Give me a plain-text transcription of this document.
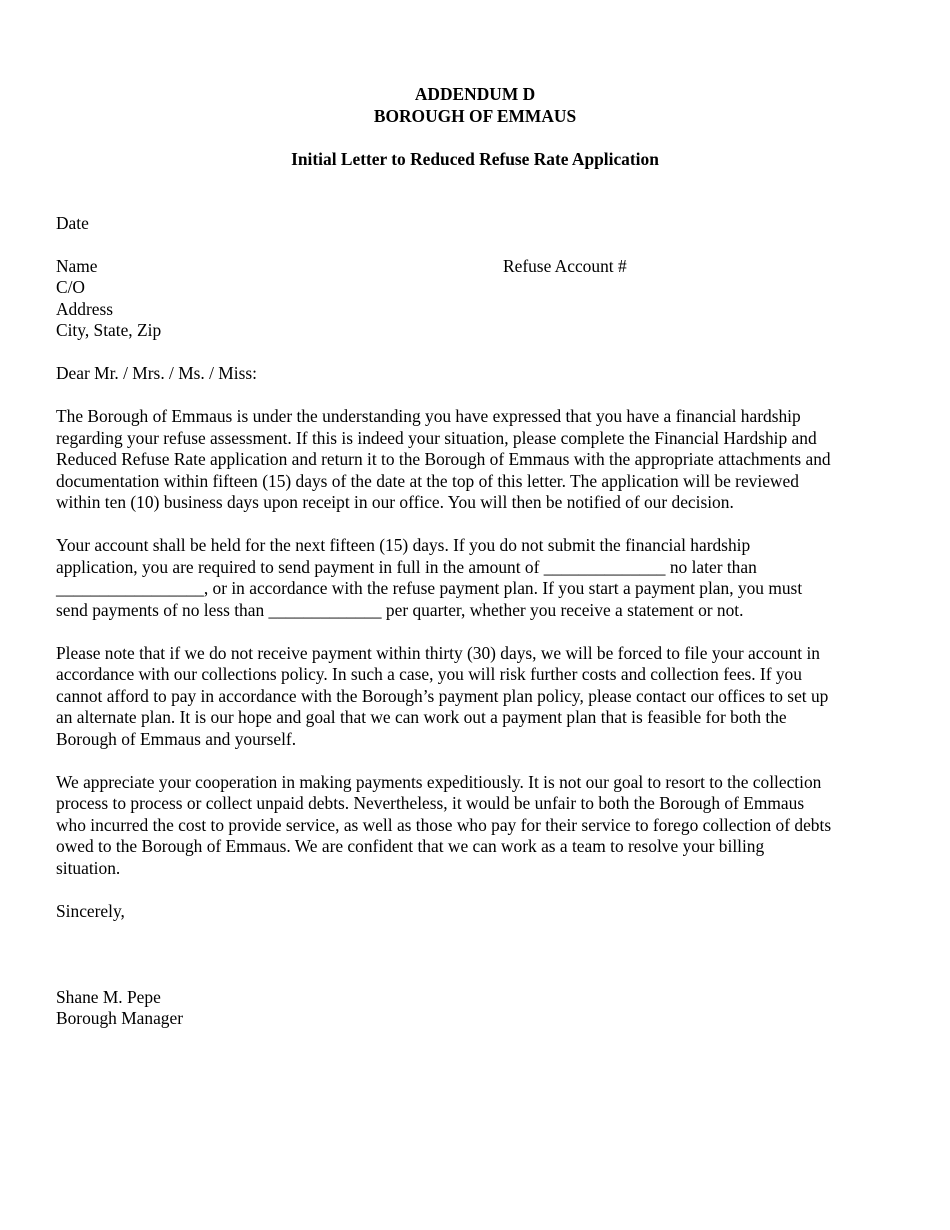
ADDENDUM D

BOROUGH OF EMMAUS

Initial Letter to Reduced Refuse Rate Application

Date

Name
C/O
Address
City, State, Zip
Refuse Account #

Dear Mr. / Mrs. / Ms. / Miss:

The Borough of Emmaus is under the understanding you have expressed that you have a financial hardship
regarding your refuse assessment. If this is indeed your situation, please complete the Financial Hardship and
Reduced Refuse Rate application and return it to the Borough of Emmaus with the appropriate attachments and
documentation within fifteen (15) days of the date at the top of this letter. The application will be reviewed
within ten (10) business days upon receipt in our office. You will then be notified of our decision.
Your account shall be held for the next fifteen (15) days. If you do not submit the financial hardship
application, you are required to send payment in full in the amount of ______________ no later than
_________________, or in accordance with the refuse payment plan. If you start a payment plan, you must
send payments of no less than _____________ per quarter, whether you receive a statement or not.
Please note that if we do not receive payment within thirty (30) days, we will be forced to file your account in
accordance with our collections policy. In such a case, you will risk further costs and collection fees. If you
cannot afford to pay in accordance with the Borough’s payment plan policy, please contact our offices to set up
an alternate plan. It is our hope and goal that we can work out a payment plan that is feasible for both the
Borough of Emmaus and yourself.
We appreciate your cooperation in making payments expeditiously. It is not our goal to resort to the collection
process to process or collect unpaid debts. Nevertheless, it would be unfair to both the Borough of Emmaus
who incurred the cost to provide service, as well as those who pay for their service to forego collection of debts
owed to the Borough of Emmaus. We are confident that we can work as a team to resolve your billing
situation.

Sincerely,

Shane M. Pepe
Borough Manager
